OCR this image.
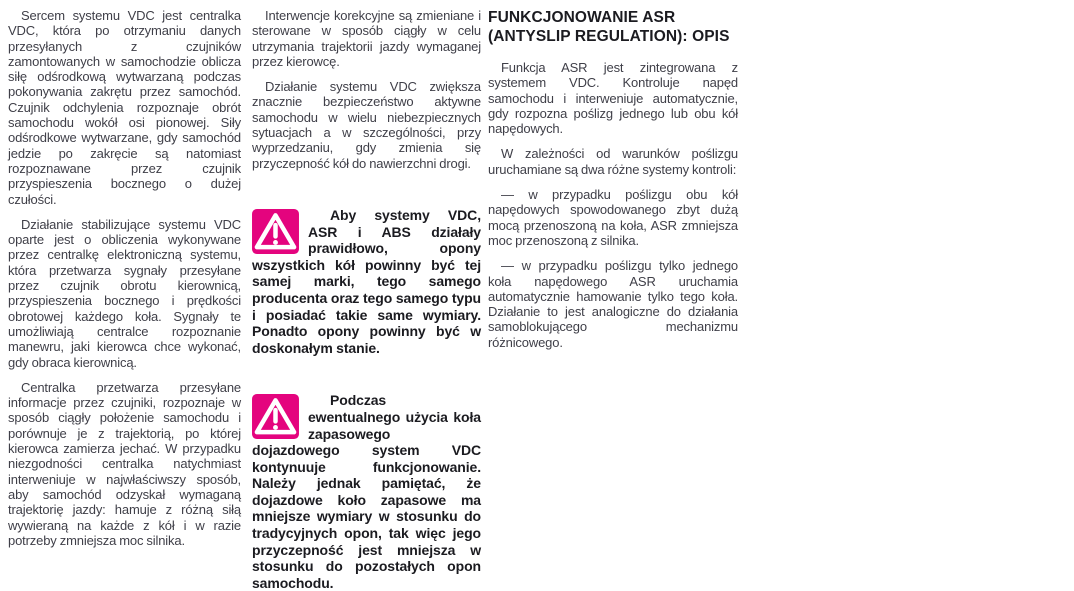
Sercem systemu VDC jest centralka VDC, która po otrzymaniu danych przesyłanych z czujników zamontowanych w samochodzie oblicza siłę odśrodkową wytwarzaną podczas pokonywania zakrętu przez samochód. Czujnik odchylenia rozpoznaje obrót samochodu wokół osi pionowej. Siły odśrodkowe wytwarzane, gdy samochód jedzie po zakręcie są natomiast rozpoznawane przez czujnik przyspieszenia bocznego o dużej czułości.

Działanie stabilizujące systemu VDC oparte jest o obliczenia wykonywane przez centralkę elektroniczną systemu, która przetwarza sygnały przesyłane przez czujnik obrotu kierownicą, przyspieszenia bocznego i prędkości obrotowej każdego koła. Sygnały te umożliwiają centralce rozpoznanie manewru, jaki kierowca chce wykonać, gdy obraca kierownicą.

Centralka przetwarza przesyłane informacje przez czujniki, rozpoznaje w sposób ciągły położenie samochodu i porównuje je z trajektorią, po której kierowca zamierza jechać. W przypadku niezgodności centralka natychmiast interweniuje w najwłaściwszy sposób, aby samochód odzyskał wymaganą trajektorię jazdy: hamuje z różną siłą wywieraną na każde z kół i w razie potrzeby zmniejsza moc silnika.

Interwencje korekcyjne są zmieniane i sterowane w sposób ciągły w celu utrzymania trajektorii jazdy wymaganej przez kierowcę.

Działanie systemu VDC zwiększa znacznie bezpieczeństwo aktywne samochodu w wielu niebezpiecznych sytuacjach a w szczególności, przy wyprzedzaniu, gdy zmienia się przyczepność kół do nawierzchni drogi.

Aby systemy VDC, ASR i ABS działały prawidłowo, opony wszystkich kół powinny być tej samej marki, tego samego producenta oraz tego samego typu i posiadać takie same wymiary. Ponadto opony powinny być w doskonałym stanie.

Podczas ewentualnego użycia koła zapasowego dojazdowego system VDC kontynuuje funkcjonowanie. Należy jednak pamiętać, że dojazdowe koło zapasowe ma mniejsze wymiary w stosunku do tradycyjnych opon, tak więc jego przyczepność jest mniejsza w stosunku do pozostałych opon samochodu.

FUNKCJONOWANIE ASR
(ANTYSLIP REGULATION): OPIS

Funkcja ASR jest zintegrowana z systemem VDC. Kontroluje napęd samochodu i interweniuje automatycznie, gdy rozpozna poślizg jednego lub obu kół napędowych.

W zależności od warunków poślizgu uruchamiane są dwa różne systemy kontroli:

— w przypadku poślizgu obu kół napędowych spowodowanego zbyt dużą mocą przenoszoną na koła, ASR zmniejsza moc przenoszoną z silnika.

— w przypadku poślizgu tylko jednego koła napędowego ASR uruchamia automatycznie hamowanie tylko tego koła. Działanie to jest analogiczne do działania samoblokującego mechanizmu różnicowego.
